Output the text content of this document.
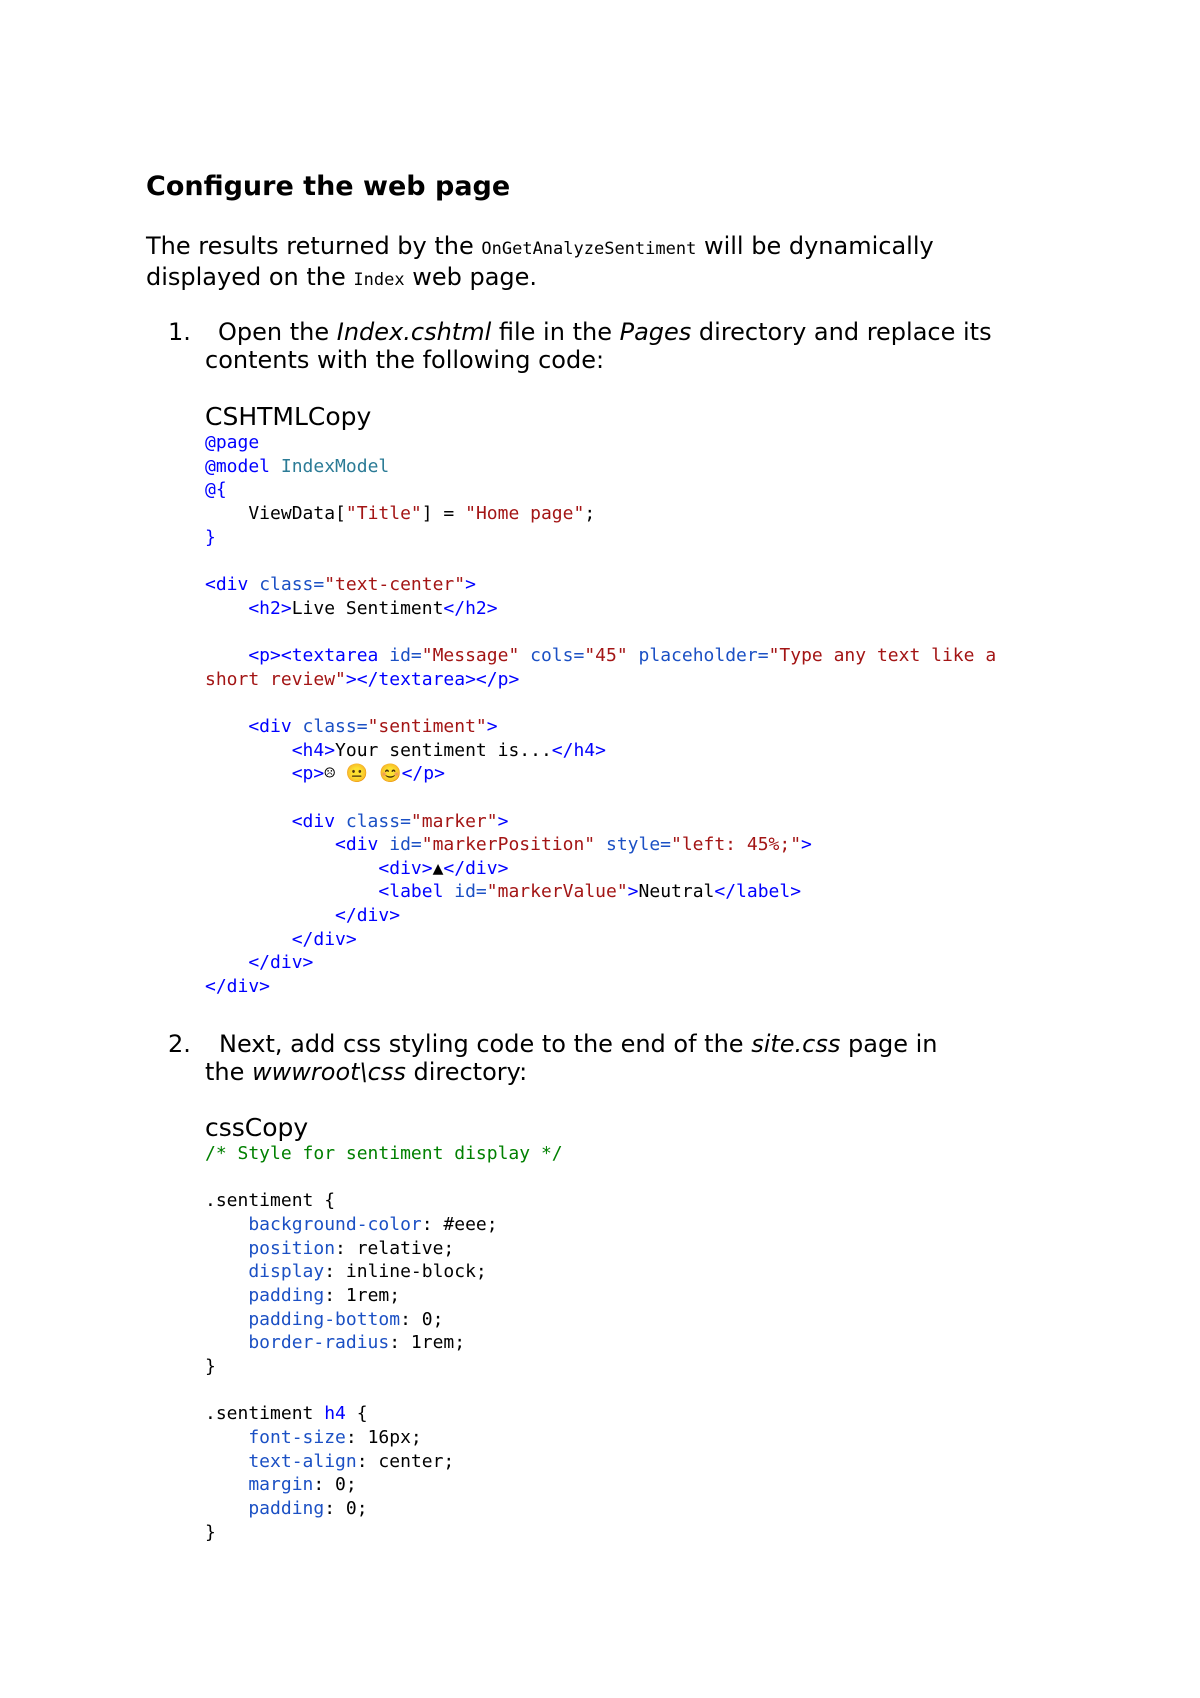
Configure the web page
The results returned by the OnGetAnalyzeSentiment will be dynamically
displayed on the Index web page.
1. Open the Index.cshtml file in the Pages directory and replace its
contents with the following code:
CSHTMLCopy
@page
@model IndexModel
@{
ViewData["Title"] = "Home page";
}

<div class="text-center">
<h2>Live Sentiment</h2>

<p><textarea id="Message" cols="45" placeholder="Type any text like a
short review"></textarea></p>

<div class="sentiment">
<h4>Your sentiment is...</h4>
<p>☹ 😐 😊</p>

<div class="marker">
<div id="markerPosition" style="left: 45%;">
<div>▲</div>
<label id="markerValue">Neutral</label>
</div>
</div>
</div>
</div>
2. Next, add css styling code to the end of the site.css page in
the wwwroot\css directory:
cssCopy
/* Style for sentiment display */

.sentiment {
background-color: #eee;
position: relative;
display: inline-block;
padding: 1rem;
padding-bottom: 0;
border-radius: 1rem;
}

.sentiment h4 {
font-size: 16px;
text-align: center;
margin: 0;
padding: 0;
}
